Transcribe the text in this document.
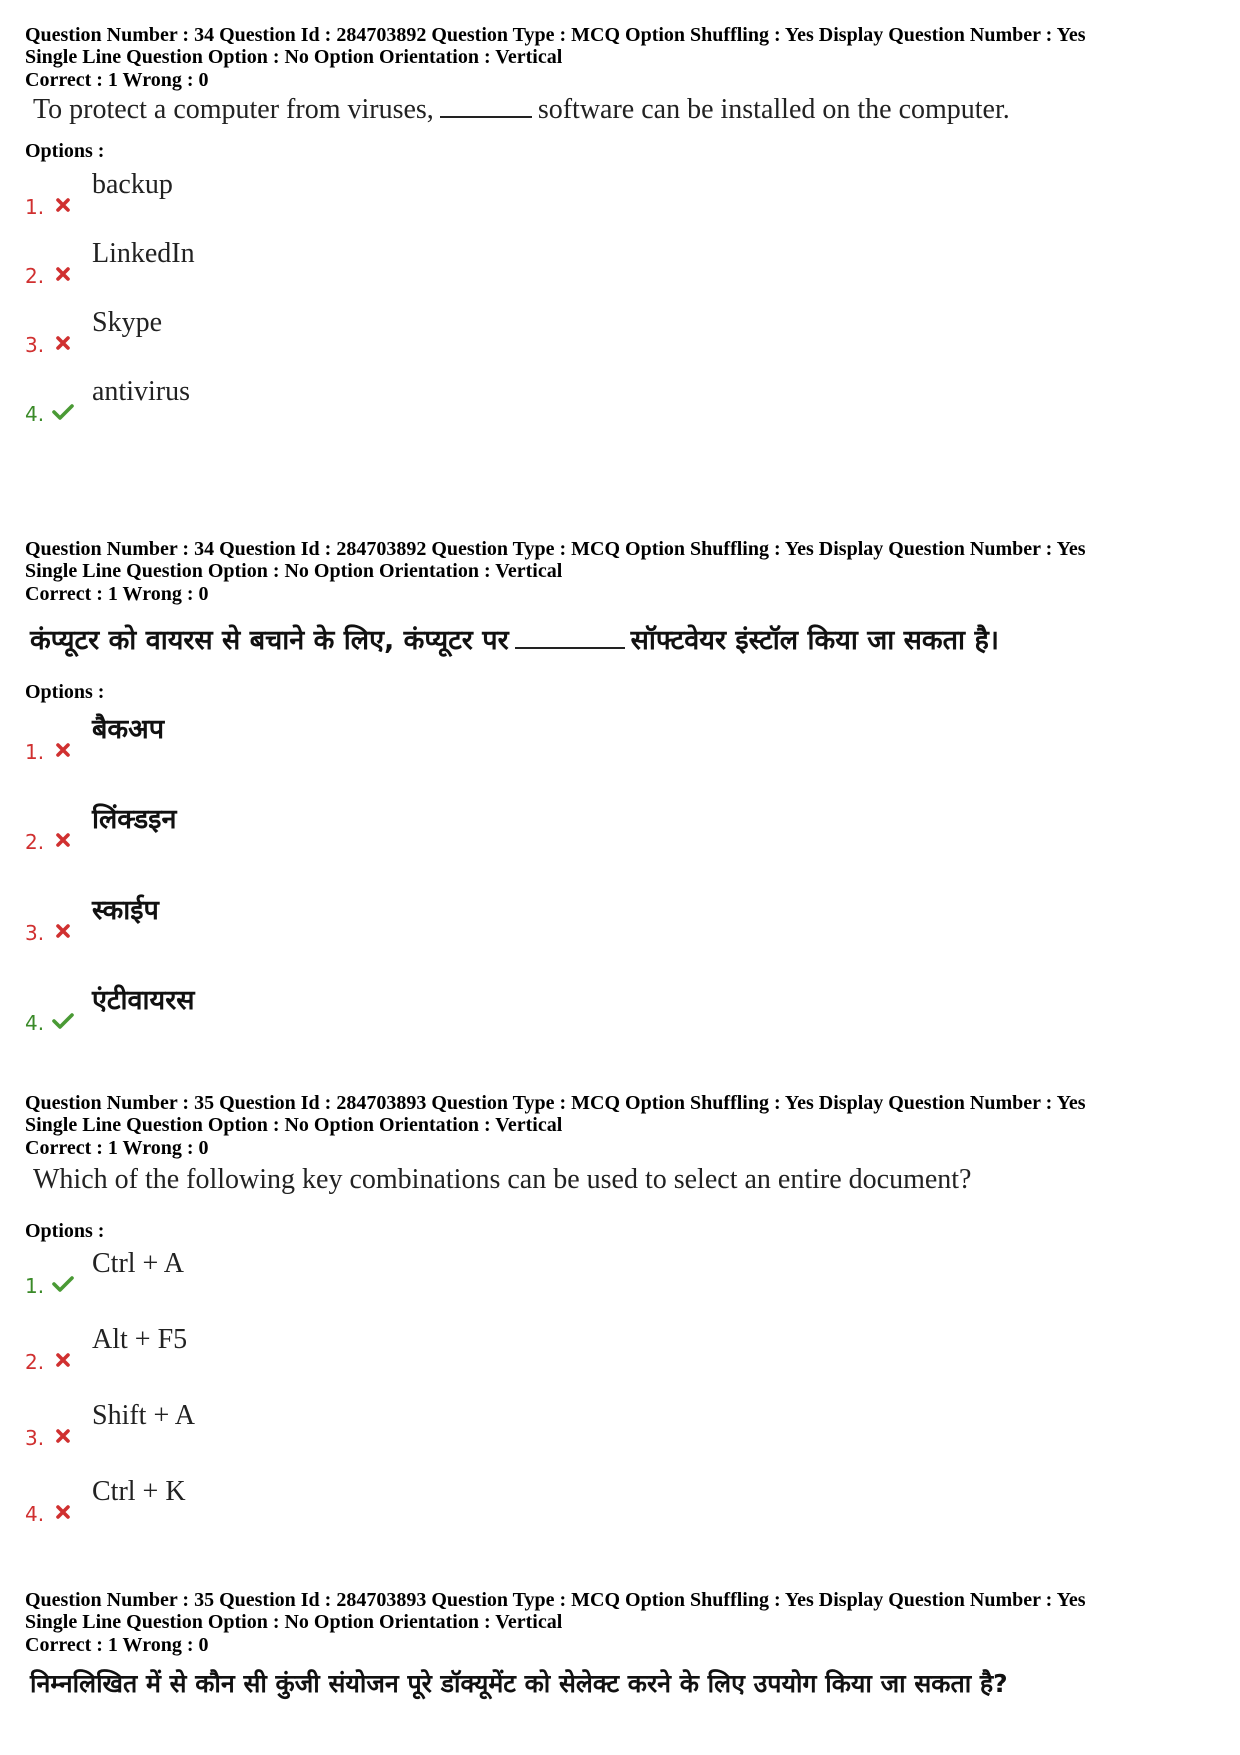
Question Number : 34 Question Id : 284703892 Question Type : MCQ Option Shuffling : Yes Display Question Number : Yes
Single Line Question Option : No Option Orientation : Vertical
Correct : 1 Wrong : 0
To protect a computer from viruses,	software can be installed on the computer.
Options :
1.
backup
2.
LinkedIn
3.
Skype
4.
antivirus
Question Number : 34 Question Id : 284703892 Question Type : MCQ Option Shuffling : Yes Display Question Number : Yes
Single Line Question Option : No Option Orientation : Vertical
Correct : 1 Wrong : 0
कंप्यूटर को वायरस से बचाने के लिए, कंप्यूटर पर	सॉफ्टवेयर इंस्टॉल किया जा सकता है।
Options :
1.
बैकअप
2.
लिंक्डइन
3.
स्काईप
4.
एंटीवायरस
Question Number : 35 Question Id : 284703893 Question Type : MCQ Option Shuffling : Yes Display Question Number : Yes
Single Line Question Option : No Option Orientation : Vertical
Correct : 1 Wrong : 0
Which of the following key combinations can be used to select an entire document?
Options :
1.
Ctrl + A
2.
Alt + F5
3.
Shift + A
4.
Ctrl + K
Question Number : 35 Question Id : 284703893 Question Type : MCQ Option Shuffling : Yes Display Question Number : Yes
Single Line Question Option : No Option Orientation : Vertical
Correct : 1 Wrong : 0
निम्नलिखित में से कौन सी कुंजी संयोजन पूरे डॉक्यूमेंट को सेलेक्ट करने के लिए उपयोग किया जा सकता है?
